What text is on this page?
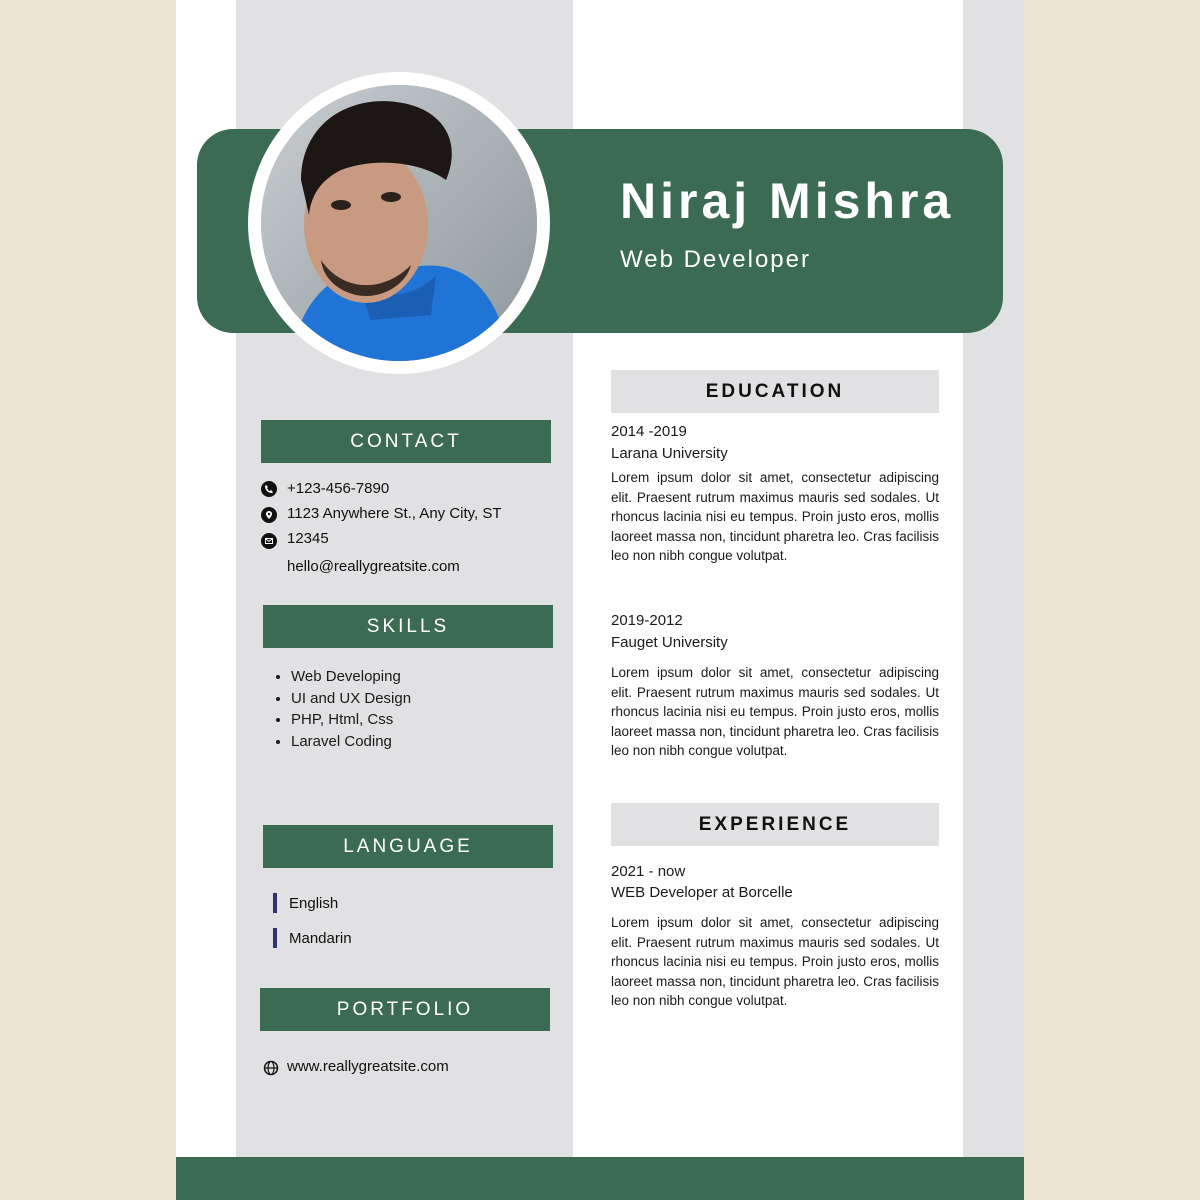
Niraj Mishra
Web Developer
CONTACT
+123-456-7890
1123 Anywhere St., Any City, ST
12345
hello@reallygreatsite.com
SKILLS
• Web Developing
• UI and UX Design
• PHP, Html, Css
• Laravel Coding
LANGUAGE
English
Mandarin
PORTFOLIO
www.reallygreatsite.com
EDUCATION
2014 -2019
Larana University
Lorem ipsum dolor sit amet, consectetur adipiscing elit. Praesent rutrum maximus mauris sed sodales. Ut rhoncus lacinia nisi eu tempus. Proin justo eros, mollis laoreet massa non, tincidunt pharetra leo. Cras facilisis leo non nibh congue volutpat.
2019-2012
Fauget University
Lorem ipsum dolor sit amet, consectetur adipiscing elit. Praesent rutrum maximus mauris sed sodales. Ut rhoncus lacinia nisi eu tempus. Proin justo eros, mollis laoreet massa non, tincidunt pharetra leo. Cras facilisis leo non nibh congue volutpat.
EXPERIENCE
2021 - now
WEB Developer at Borcelle
Lorem ipsum dolor sit amet, consectetur adipiscing elit. Praesent rutrum maximus mauris sed sodales. Ut rhoncus lacinia nisi eu tempus. Proin justo eros, mollis laoreet massa non, tincidunt pharetra leo. Cras facilisis leo non nibh congue volutpat.
